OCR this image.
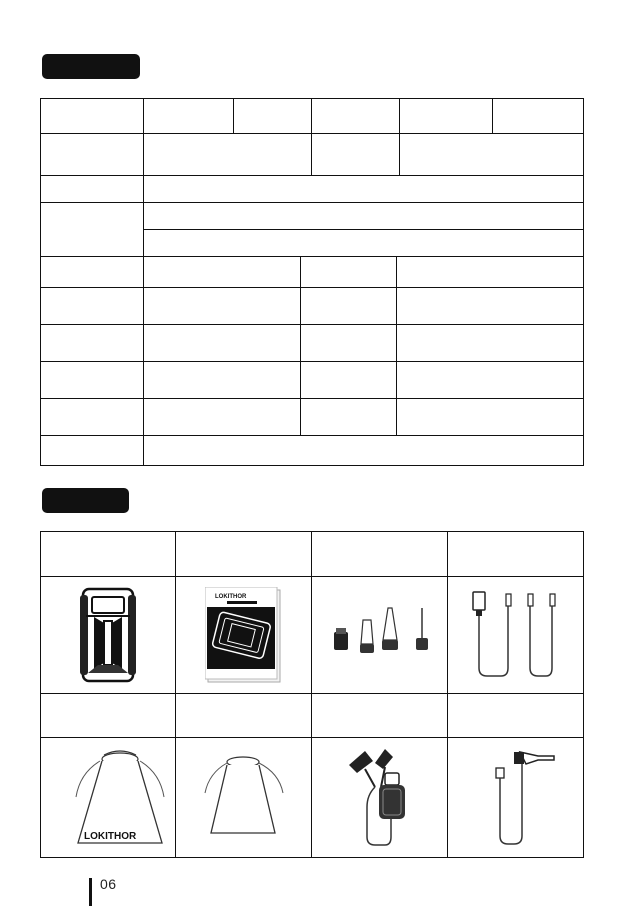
LOKITHOR
LOKITHOR
06
